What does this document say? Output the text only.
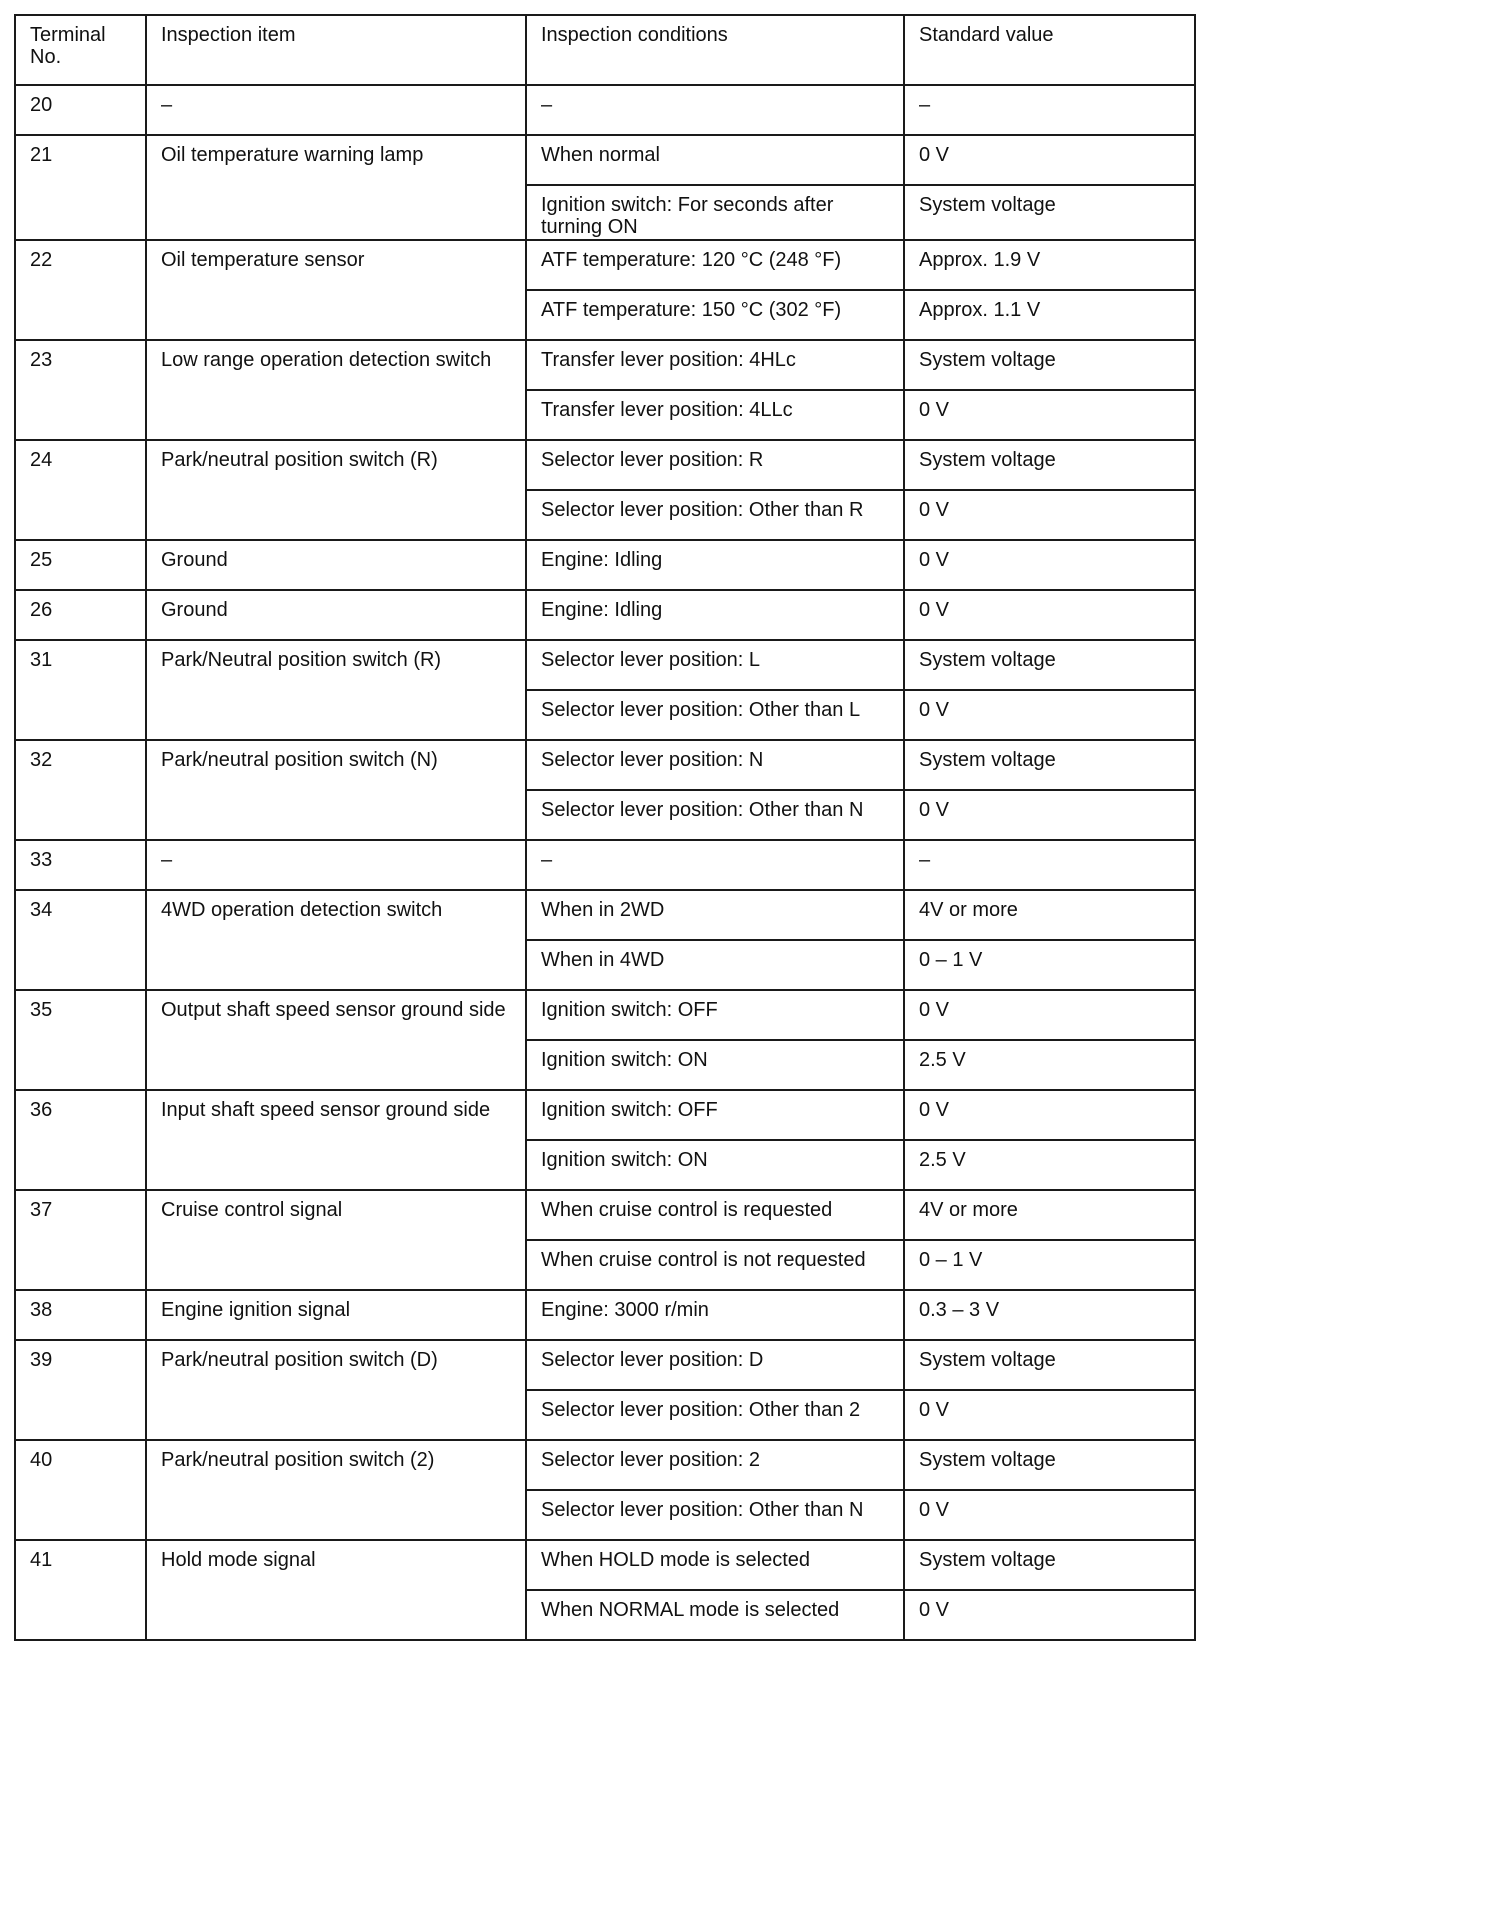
Terminal No.	Inspection item	Inspection conditions	Standard value
20	–	–	–
21	Oil temperature warning lamp	When normal	0 V
		Ignition switch: For seconds after turning ON	System voltage
22	Oil temperature sensor	ATF temperature: 120 °C (248 °F)	Approx. 1.9 V
		ATF temperature: 150 °C (302 °F)	Approx. 1.1 V
23	Low range operation detection switch	Transfer lever position: 4HLc	System voltage
		Transfer lever position: 4LLc	0 V
24	Park/neutral position switch (R)	Selector lever position: R	System voltage
		Selector lever position: Other than R	0 V
25	Ground	Engine: Idling	0 V
26	Ground	Engine: Idling	0 V
31	Park/Neutral position switch (R)	Selector lever position: L	System voltage
		Selector lever position: Other than L	0 V
32	Park/neutral position switch (N)	Selector lever position: N	System voltage
		Selector lever position: Other than N	0 V
33	–	–	–
34	4WD operation detection switch	When in 2WD	4V or more
		When in 4WD	0 – 1 V
35	Output shaft speed sensor ground side	Ignition switch: OFF	0 V
		Ignition switch: ON	2.5 V
36	Input shaft speed sensor ground side	Ignition switch: OFF	0 V
		Ignition switch: ON	2.5 V
37	Cruise control signal	When cruise control is requested	4V or more
		When cruise control is not requested	0 – 1 V
38	Engine ignition signal	Engine: 3000 r/min	0.3 – 3 V
39	Park/neutral position switch (D)	Selector lever position: D	System voltage
		Selector lever position: Other than 2	0 V
40	Park/neutral position switch (2)	Selector lever position: 2	System voltage
		Selector lever position: Other than N	0 V
41	Hold mode signal	When HOLD mode is selected	System voltage
		When NORMAL mode is selected	0 V
